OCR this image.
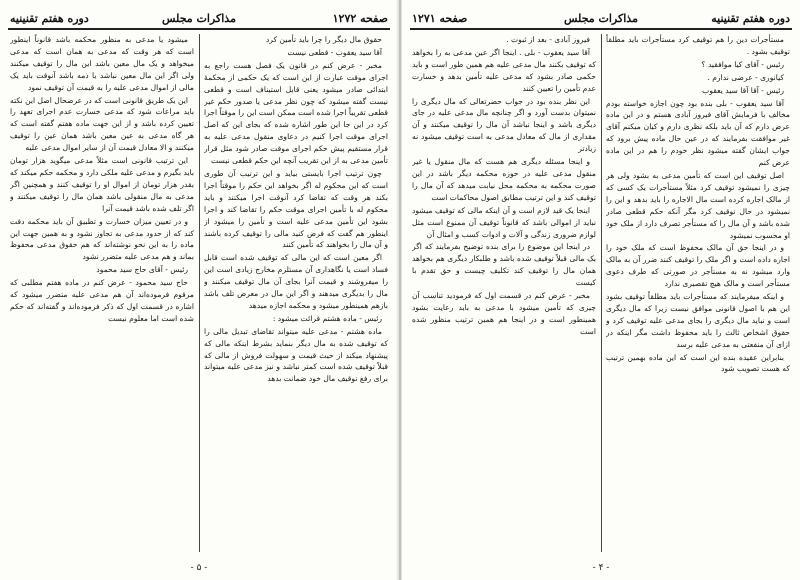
صفحه ۱۲۷۲
مذاکرات مجلس
دوره هفتم تقنینیه

حقوق مال دیگر را چرا باید تأمین کرد

آقا سید یعقوب - قطعی نیست

مخبر - عرض کنم در قانون یک فصل هست راجع به اجرای موقت عبارت از این است که یک حکمی از محکمهٔ ابتدائی صادر میشود یعنی قابل استیناف است و قطعی نیست گفته میشود که چون نظر مدعی یا صدور حکم غیر قطعی تقریباً اجرا شده است ممکن است این را موقتاً اجرا کرد در این جا این طور اشاره شده که بجای این که اصل اجرای موقت اجرا کنیم در دعاوی منقول مدعی علیه به قرار مستقیم پیش حکم اجرای موقت صادر شود مثل قرار تأمین مدعی به از این تقریب آنچه این حکم قطعی نیست

چون ترتیب اجرا بایستی بیاید و این ترتیب آن طوری است که این محکوم له اگر بخواهد این حکم را موقتاً اجرا بکند هر وقت که تقاضا کرد آنوقت اجرا میکنند و باید محکوم له با تأمین اجرای موقت حکم را تقاضا کند و اجرا بشود این تأمین مدعی علیه است و تأمین را میشود از اینطور هم گفت که فرض کنید مالی را توقیف کرده باشند و آن مال را بخواهند که تأمین کنند

اگر معین است که این مالی که توقیف شده است قابل فساد است یا نگاهداری آن مستلزم مخارج زیادی است این را میفروشند و قیمت آنرا بجای آن مال توقیف میکنند و مال را بدیگری میدهند و اگر این مال در معرض تلف باشد بازهم همینطور میشود و محکمه اجازه میدهد

رئیس - ماده هشتم قرائت میشود :

ماده هشتم - مدعی علیه میتواند تقاضای تبدیل مالی را که توقیف شده به مال دیگر بنماید بشرط اینکه مالی که پیشنهاد میکند از حیث قیمت و سهولت فروش از مالی که قبلاً توقیف شده است کمتر نباشد و نیز مدعی علیه میتواند برای رفع توقیف مال خود ضمانت بدهد

میشود یا مدعی به منظور محکمه باشد قانوناً اینطور است که هر وقت که مدعی به همان است که مدعی میخواهد و یک مال معین باشد این مال را توقیف میکنند ولی اگر این مال معین نباشد یا ذمه باشد آنوقت باید یک مالی از اموال مدعی علیه را به قیمت آن توقیف نمود

این یک طریق قانونی است که در عرضحال اصل این نکته باید مراعات شود که مدعی خسارت عدم اجرای تعهد را تعیین کرده باشد و از این جهت ماده هفتم گفته است که هر گاه مدعی به عین معین باشد همان عین را توقیف میکنند و الا معادل قیمت آن از سایر اموال مدعی علیه

این ترتیب قانونی است مثلاً مدعی میگوید هزار تومان باید بگیرم و مدعی علیه ملکی دارد و محکمه حکم میکند که بقدر هزار تومان از اموال او را توقیف کنند و همچنین اگر مدعی به مال منقولی باشد همان مال را توقیف میکنند و اگر تلف شده باشد قیمت آنرا

و در تعیین میزان خسارت و تطبیق آن باید محکمه دقت کند که از حدود مدعی به تجاوز نشود و به همین جهت این ماده را به این نحو نوشته‌اند که هم حقوق مدعی محفوظ بماند و هم مدعی علیه متضرر نشود

رئیس - آقای حاج سید محمود

حاج سید محمود - عرض کنم در ماده هفتم مطلبی که مرقوم فرموده‌اند آن هم مدعی علیه متضرر میشود که اشاره در قسمت اول که ذکر فرموده‌اند و گفته‌اند که حکم شده است اما معلوم نیست

- ۵ -
دوره هفتم تقنینیه
مذاکرات مجلس
صفحه ۱۲۷۱

مستأجرات دین را هم توقیف کرد مستأجرات باید مطلقاً توقیف بشود .

رئیس - آقای کیا موافقید ؟

کیانوری - عرضی ندارم .

رئیس - آقا آقا سید یعقوب

آقا سید یعقوب - بلی بنده بود چون اجازه خواسته بودم مخالف با فرمایش آقای فیروز آبادی هستم و در این ماده عرض دارم که آن باید بلکه نظری دارم و کیان میکنم آقای غیر موافقت بفرمایند که در عین حال ماده پیش برود که جواب ایشان گفته میشود نظر خودم را هم در این ماده عرض کنم

اصل توقیف این است که تأمین مدعی به بشود ولی هر چیزی را نمیشود توقیف کرد مثلاً مستأجرات یک کسی که از مالک اجاره کرده است مال الاجاره را باید بدهد و این را نمیشود در حال توقیف کرد مگر آنکه حکم قطعی صادر شده باشد و آن مال را که مستأجر تصرف دارد از ملک خود او محسوب نمیشود

و در اینجا حق آن مالک محفوظ است که ملک خود را اجاره داده است و اگر ملک را توقیف کنند ضرر آن به مالک وارد میشود نه به مستأجر در صورتی که طرف دعوی مستأجر است و مالک هیچ تقصیری ندارد

و اینکه میفرمایند که مستأجرات باید مطلقاً توقیف بشود این هم با اصول قانونی موافق نیست زیرا که مال دیگری است و نباید مال دیگری را بجای مدعی علیه توقیف کرد و حقوق اشخاص ثالث را باید محفوظ داشت مگر اینکه در ازای آن منفعتی به مدعی علیه برسد

بنابراین عقیده بنده این است که این ماده بهمین ترتیب که هست تصویب شود

فیروز آبادی - بعد از ثبوت .

آقا سید یعقوب - بلی . اینجا اگر عین مدعی به را بخواهد که توقیف بکنند مال مدعی علیه هم همین طور است و باید حکمی صادر بشود که مدعی علیه تأمین بدهد و خسارت عدم تأمین را تعیین کنند

این نظر بنده بود در جواب حضرتعالی که مال دیگری را نمیتوان بدست آورد و اگر چنانچه مال مدعی علیه در جای دیگری باشد و اینجا نباشد آن مال را توقیف میکنند و آن مقداری از مال که معادل مدعی به است توقیف میشود نه زیادتر

و اینجا مسئله دیگری هم هست که مال منقول یا غیر منقول مدعی علیه در حوزه محکمه دیگر باشد در این صورت محکمه به محکمه محل نیابت میدهد که آن مال را توقیف کند و این ترتیب مطابق اصول محاکمات است

اینجا یک قید لازم است و آن اینکه مالی که توقیف میشود نباید از اموالی باشد که قانوناً توقیف آن ممنوع است مثل لوازم ضروری زندگی و آلات و ادوات کسب و امثال آن

در اینجا این موضوع را برای بنده توضیح بفرمایند که اگر یک مالی قبلاً توقیف شده باشد و طلبکار دیگری هم بخواهد همان مال را توقیف کند تکلیف چیست و حق تقدم با کیست

مخبر - عرض کنم در قسمت اول که فرمودید تناسب آن چیزی که تأمین میشود با مدعی به باید رعایت بشود همینطور است و در اینجا هم همین ترتیب منظور شده است

- ۴ -
